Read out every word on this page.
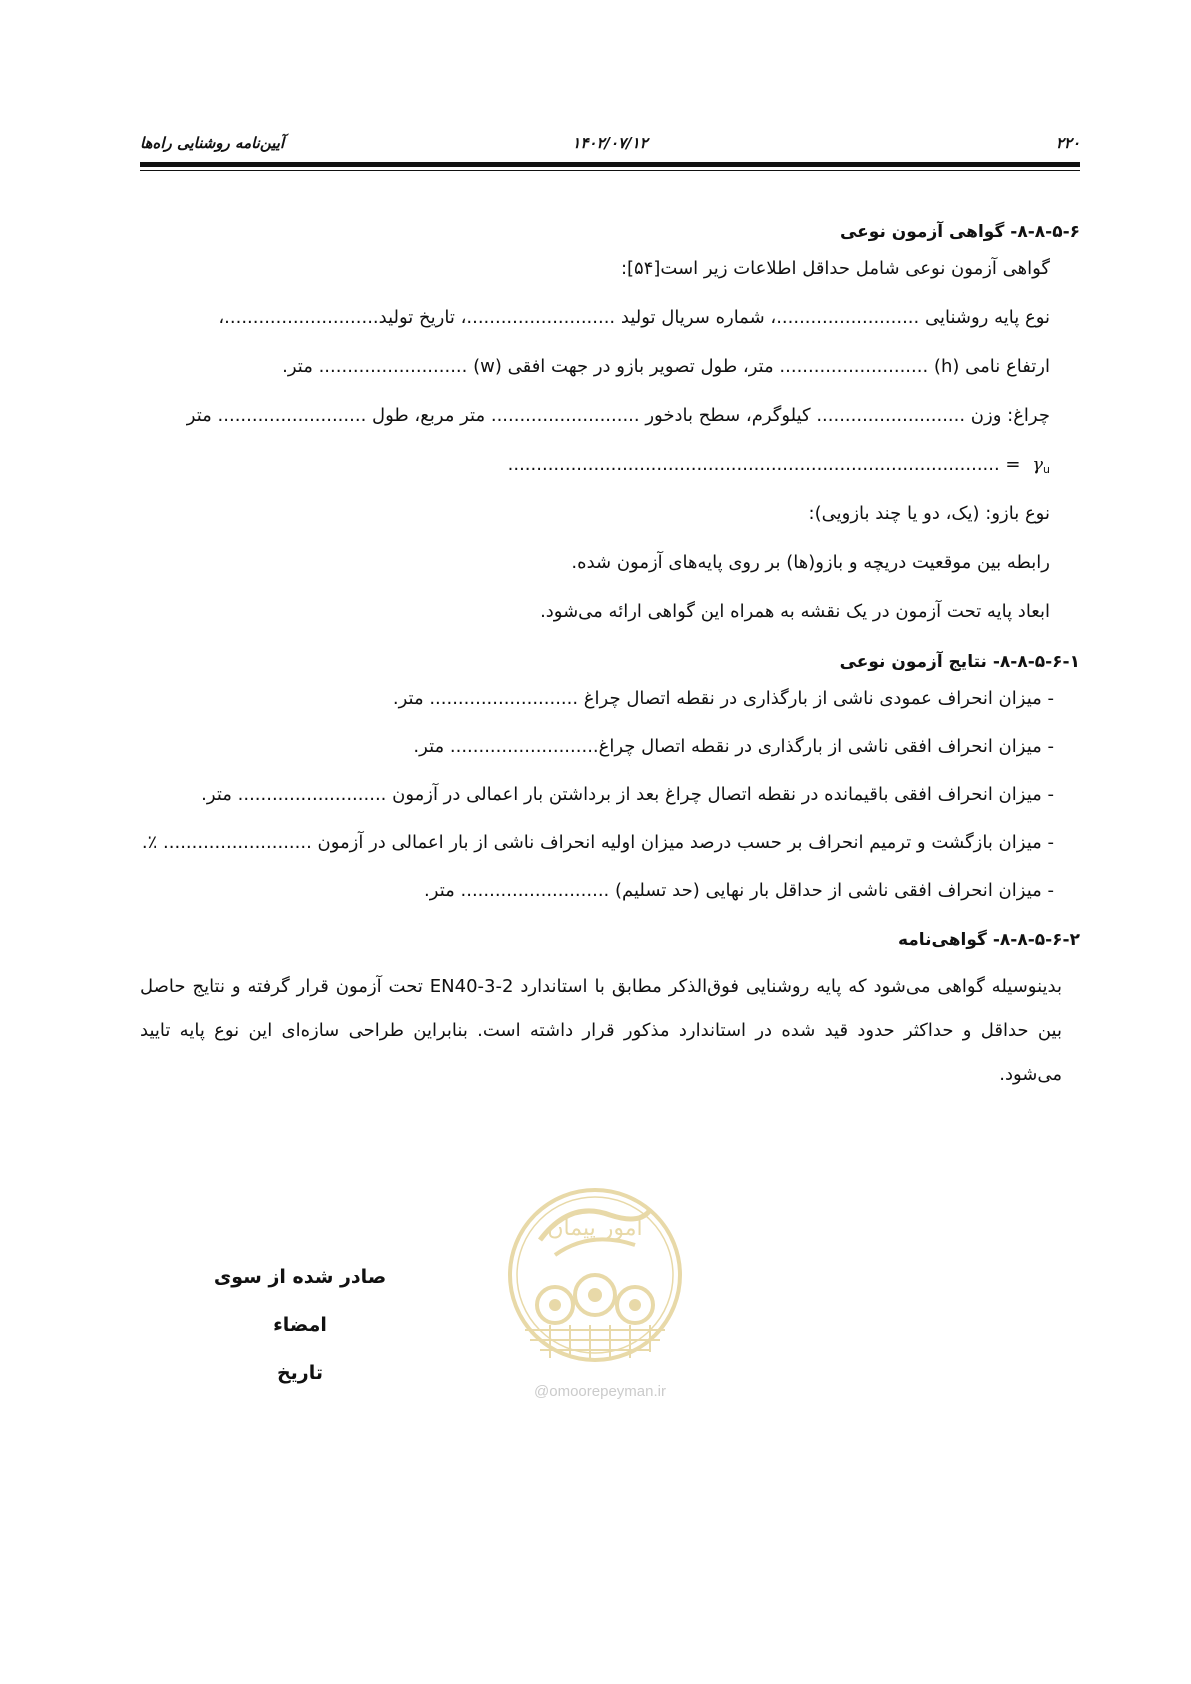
آیین‌نامه روشنایی راه‌ها	۱۴۰۲/۰۷/۱۲	۲۲۰
۸-۸-۵-۶- گواهی آزمون نوعی
گواهی آزمون نوعی شامل حداقل اطلاعات زیر است[۵۴]:
نوع پایه روشنایی .........................، شماره سریال تولید ..........................، تاریخ تولید...........................،
ارتفاع نامی (h) .......................... متر، طول تصویر بازو در جهت افقی (w) .......................... متر.
چراغ: وزن .......................... کیلوگرم، سطح بادخور .......................... متر مربع، طول .......................... متر
$\gamma_u$ = ......................................................................................
نوع بازو: (یک، دو یا چند بازویی):
رابطه بین موقعیت دریچه و بازو(ها) بر روی پایه‌های آزمون شده.
ابعاد پایه تحت آزمون در یک نقشه به همراه این گواهی ارائه می‌شود.
۸-۸-۵-۶-۱- نتایج آزمون نوعی
- میزان انحراف عمودی ناشی از بارگذاری در نقطه اتصال چراغ .......................... متر.
- میزان انحراف افقی ناشی از بارگذاری در نقطه اتصال چراغ.......................... متر.
- میزان انحراف افقی باقیمانده در نقطه اتصال چراغ بعد از برداشتن بار اعمالی در آزمون .......................... متر.
- میزان بازگشت و ترمیم انحراف بر حسب درصد میزان اولیه انحراف ناشی از بار اعمالی در آزمون .......................... ٪.
- میزان انحراف افقی ناشی از حداقل بار نهایی (حد تسلیم) .......................... متر.
۸-۸-۵-۶-۲- گواهی‌نامه

بدینوسیله گواهی می‌شود که پایه روشنایی فوق‌الذکر مطابق با استاندارد EN40-3-2 تحت آزمون قرار گرفته و نتایج حاصل بین حداقل و حداکثر حدود قید شده در استاندارد مذکور قرار داشته است. بنابراین طراحی سازه‌ای این نوع پایه تایید می‌شود.

امور پیمان
@omoorepeyman.ir
صادر شده از سوی
امضاء
تاریخ
